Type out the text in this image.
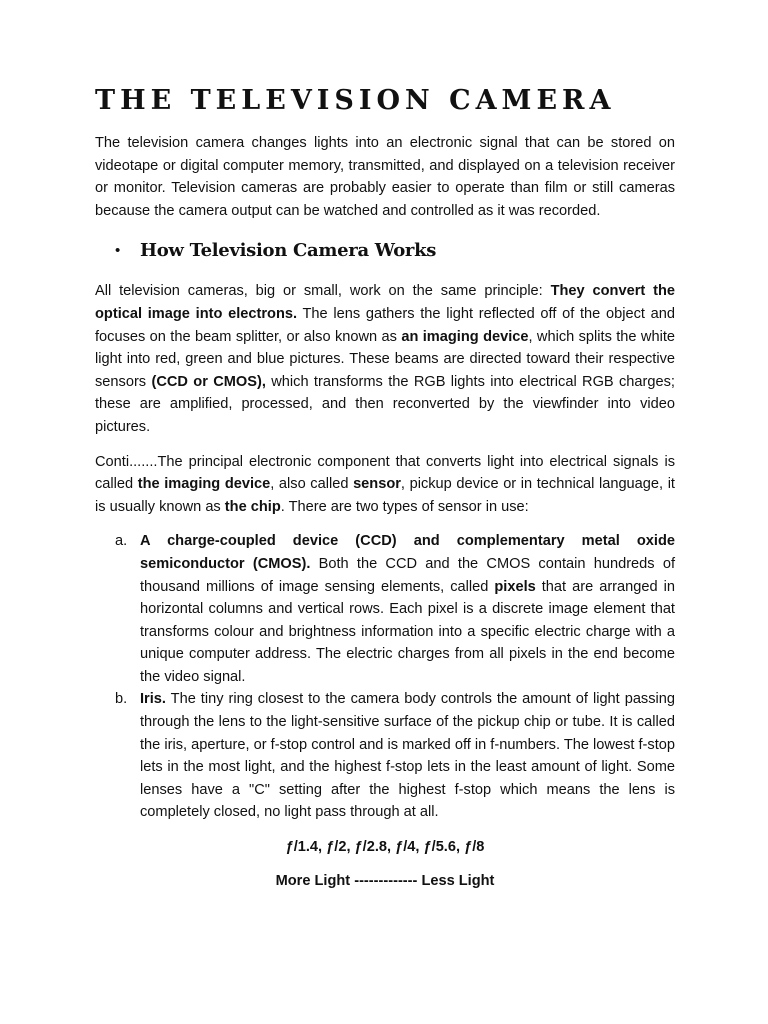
THE TELEVISION CAMERA

The television camera changes lights into an electronic signal that can be stored on videotape or digital computer memory, transmitted, and displayed on a television receiver or monitor. Television cameras are probably easier to operate than film or still cameras because the camera output can be watched and controlled as it was recorded.

• How Television Camera Works

All television cameras, big or small, work on the same principle: They convert the optical image into electrons. The lens gathers the light reflected off of the object and focuses on the beam splitter, or also known as an imaging device, which splits the white light into red, green and blue pictures. These beams are directed toward their respective sensors (CCD or CMOS), which transforms the RGB lights into electrical RGB charges; these are amplified, processed, and then reconverted by the viewfinder into video pictures.

Conti.......The principal electronic component that converts light into electrical signals is called the imaging device, also called sensor, pickup device or in technical language, it is usually known as the chip. There are two types of sensor in use:

a. A charge-coupled device (CCD) and complementary metal oxide semiconductor (CMOS). Both the CCD and the CMOS contain hundreds of thousand millions of image sensing elements, called pixels that are arranged in horizontal columns and vertical rows. Each pixel is a discrete image element that transforms colour and brightness information into a specific electric charge with a unique computer address. The electric charges from all pixels in the end become the video signal.

b. Iris. The tiny ring closest to the camera body controls the amount of light passing through the lens to the light-sensitive surface of the pickup chip or tube. It is called the iris, aperture, or f-stop control and is marked off in f-numbers. The lowest f-stop lets in the most light, and the highest f-stop lets in the least amount of light. Some lenses have a "C" setting after the highest f-stop which means the lens is completely closed, no light pass through at all.

ƒ/1.4, ƒ/2, ƒ/2.8, ƒ/4, ƒ/5.6, ƒ/8
More Light ------------- Less Light
